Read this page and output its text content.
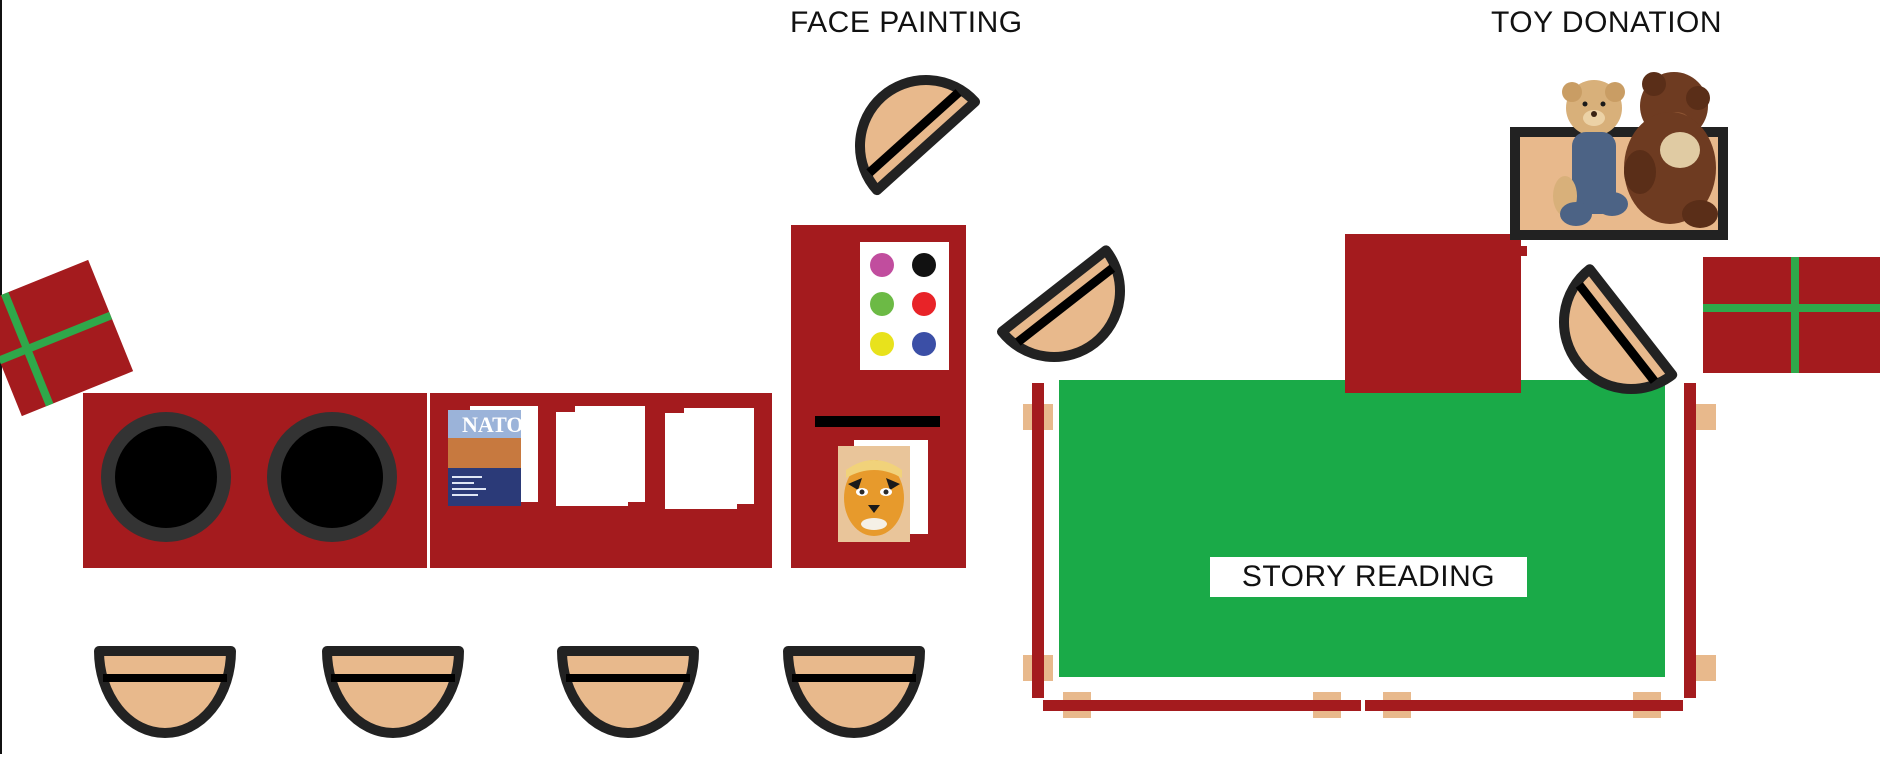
NATO
FACE PAINTING	TOY DONATION
STORY READING
